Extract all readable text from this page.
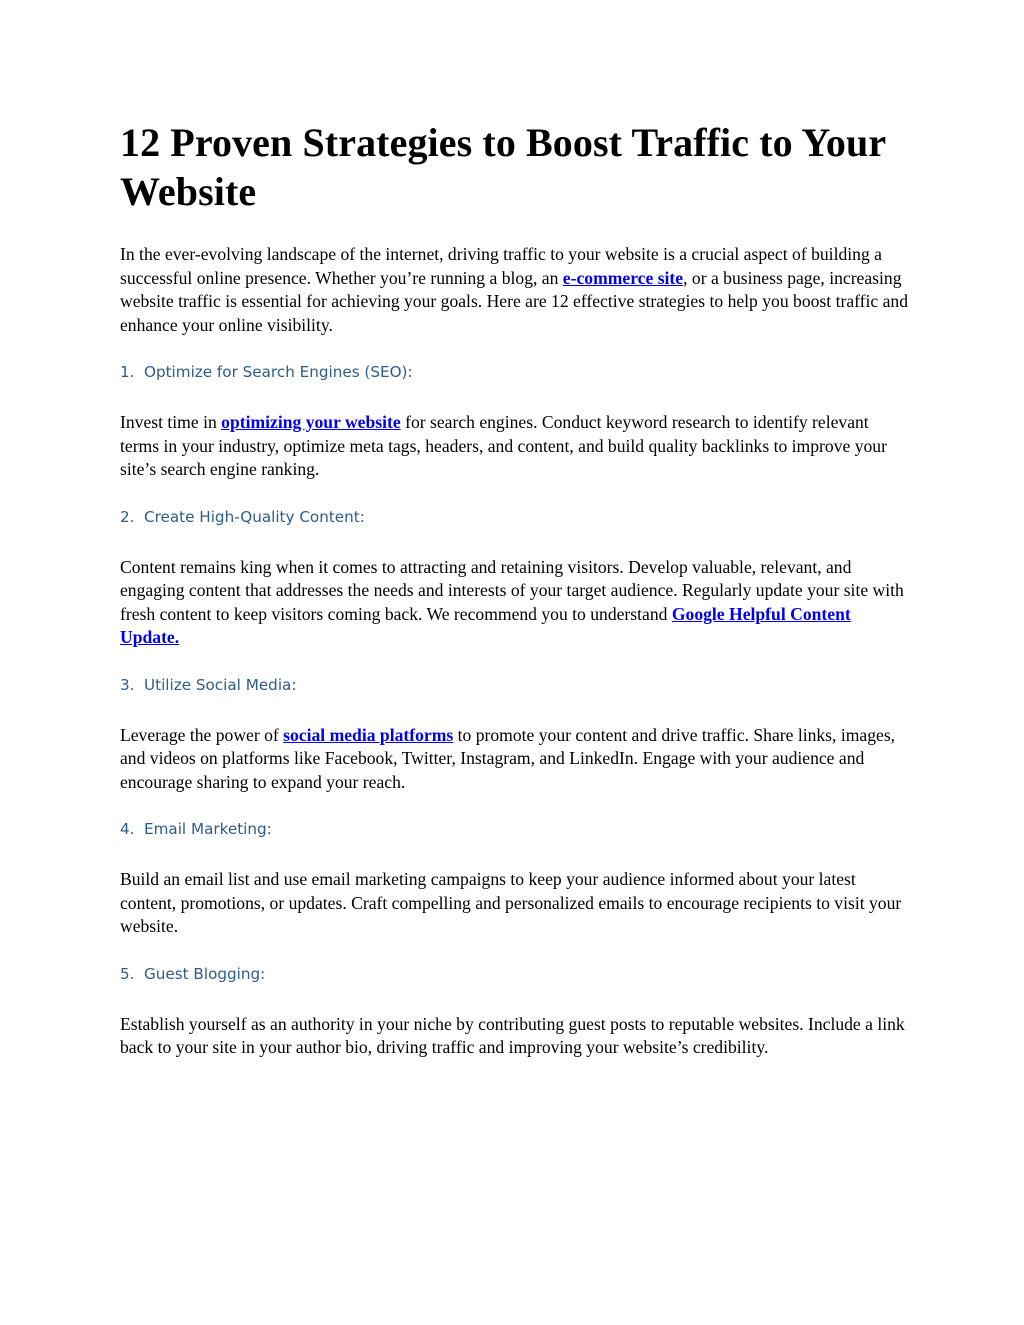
12 Proven Strategies to Boost Traffic to Your Website

In the ever-evolving landscape of the internet, driving traffic to your website is a crucial aspect of building a successful online presence. Whether you’re running a blog, an e-commerce site, or a business page, increasing website traffic is essential for achieving your goals. Here are 12 effective strategies to help you boost traffic and enhance your online visibility.

1. Optimize for Search Engines (SEO):

Invest time in optimizing your website for search engines. Conduct keyword research to identify relevant terms in your industry, optimize meta tags, headers, and content, and build quality backlinks to improve your site’s search engine ranking.

2. Create High-Quality Content:

Content remains king when it comes to attracting and retaining visitors. Develop valuable, relevant, and engaging content that addresses the needs and interests of your target audience. Regularly update your site with fresh content to keep visitors coming back. We recommend you to understand Google Helpful Content Update.

3. Utilize Social Media:

Leverage the power of social media platforms to promote your content and drive traffic. Share links, images, and videos on platforms like Facebook, Twitter, Instagram, and LinkedIn. Engage with your audience and encourage sharing to expand your reach.

4. Email Marketing:

Build an email list and use email marketing campaigns to keep your audience informed about your latest content, promotions, or updates. Craft compelling and personalized emails to encourage recipients to visit your website.

5. Guest Blogging:

Establish yourself as an authority in your niche by contributing guest posts to reputable websites. Include a link back to your site in your author bio, driving traffic and improving your website’s credibility.
